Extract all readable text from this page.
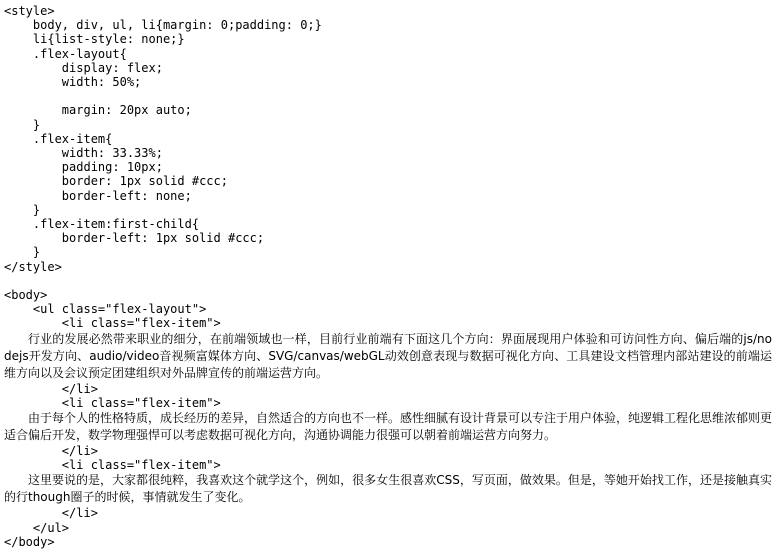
<style>
body, div, ul, li{margin: 0;padding: 0;}
li{list-style: none;}
.flex-layout{
display: flex;
width: 50%;
margin: 20px auto;
}
.flex-item{
width: 33.33%;
padding: 10px;
border: 1px solid #ccc;
border-left: none;
}
.flex-item:first-child{
border-left: 1px solid #ccc;
}
</style>
<body>
<ul class="flex-layout">
<li class="flex-item">
行业的发展必然带来职业的细分，在前端领域也一样，目前行业前端有下面这几个方向：界面展现用户体验和可访问性方向、偏后端的js/nodejs开发方向、audio/video音视频富媒体方向、SVG/canvas/webGL动效创意表现与数据可视化方向、工具建设文档管理内部站建设的前端运维方向以及会议预定团建组织对外品牌宣传的前端运营方向。
</li>
<li class="flex-item">
由于每个人的性格特质，成长经历的差异，自然适合的方向也不一样。感性细腻有设计背景可以专注于用户体验，纯逻辑工程化思维浓郁则更适合偏后开发，数学物理强悍可以考虑数据可视化方向，沟通协调能力很强可以朝着前端运营方向努力。
</li>
<li class="flex-item">
这里要说的是，大家都很纯粹，我喜欢这个就学这个，例如，很多女生很喜欢CSS，写页面，做效果。但是，等她开始找工作，还是接触真实的行though圈子的时候，事情就发生了变化。
</li>
</ul>
</body>
